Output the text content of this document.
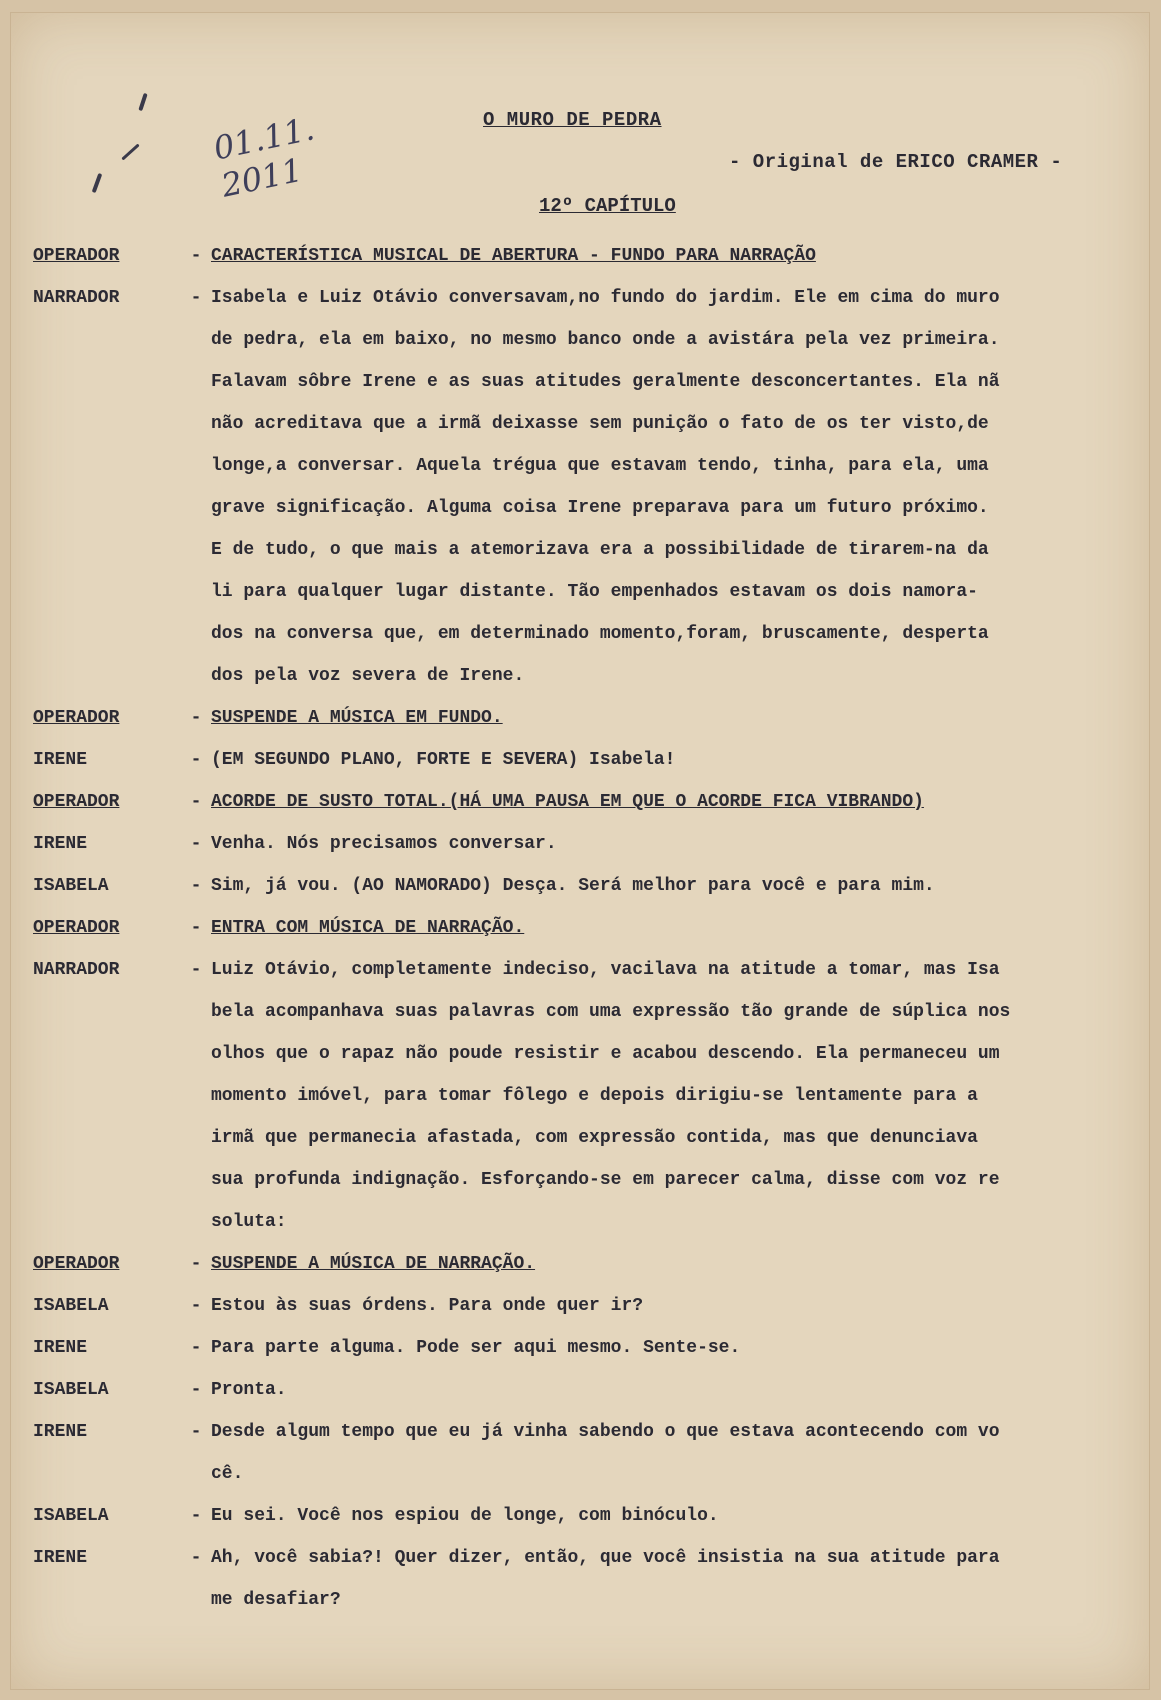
01.11.
2011
O MURO DE PEDRA
- Original de ERICO CRAMER -
12º CAPÍTULO
OPERADOR	- CARACTERÍSTICA MUSICAL DE ABERTURA - FUNDO PARA NARRAÇÃO
NARRADOR	- Isabela e Luiz Otávio conversavam,no fundo do jardim. Ele em cima do muro
de pedra, ela em baixo, no mesmo banco onde a avistára pela vez primeira.
Falavam sôbre Irene e as suas atitudes geralmente desconcertantes. Ela nã
não acreditava que a irmã deixasse sem punição o fato de os ter visto,de
longe,a conversar. Aquela trégua que estavam tendo, tinha, para ela, uma
grave significação. Alguma coisa Irene preparava para um futuro próximo.
E de tudo, o que mais a atemorizava era a possibilidade de tirarem-na da
li para qualquer lugar distante. Tão empenhados estavam os dois namora-
dos na conversa que, em determinado momento,foram, bruscamente, desperta
dos pela voz severa de Irene.
OPERADOR	- SUSPENDE A MÚSICA EM FUNDO.
IRENE	- (EM SEGUNDO PLANO, FORTE E SEVERA) Isabela!
OPERADOR	- ACORDE DE SUSTO TOTAL.(HÁ UMA PAUSA EM QUE O ACORDE FICA VIBRANDO)
IRENE	- Venha. Nós precisamos conversar.
ISABELA	- Sim, já vou. (AO NAMORADO) Desça. Será melhor para você e para mim.
OPERADOR	- ENTRA COM MÚSICA DE NARRAÇÃO.
NARRADOR	- Luiz Otávio, completamente indeciso, vacilava na atitude a tomar, mas Isa
bela acompanhava suas palavras com uma expressão tão grande de súplica nos
olhos que o rapaz não poude resistir e acabou descendo. Ela permaneceu um
momento imóvel, para tomar fôlego e depois dirigiu-se lentamente para a
irmã que permanecia afastada, com expressão contida, mas que denunciava
sua profunda indignação. Esforçando-se em parecer calma, disse com voz re
soluta:
OPERADOR	- SUSPENDE A MÚSICA DE NARRAÇÃO.
ISABELA	- Estou às suas órdens. Para onde quer ir?
IRENE	- Para parte alguma. Pode ser aqui mesmo. Sente-se.
ISABELA	- Pronta.
IRENE	- Desde algum tempo que eu já vinha sabendo o que estava acontecendo com vo
cê.
ISABELA	- Eu sei. Você nos espiou de longe, com binóculo.
IRENE	- Ah, você sabia?! Quer dizer, então, que você insistia na sua atitude para
me desafiar?
